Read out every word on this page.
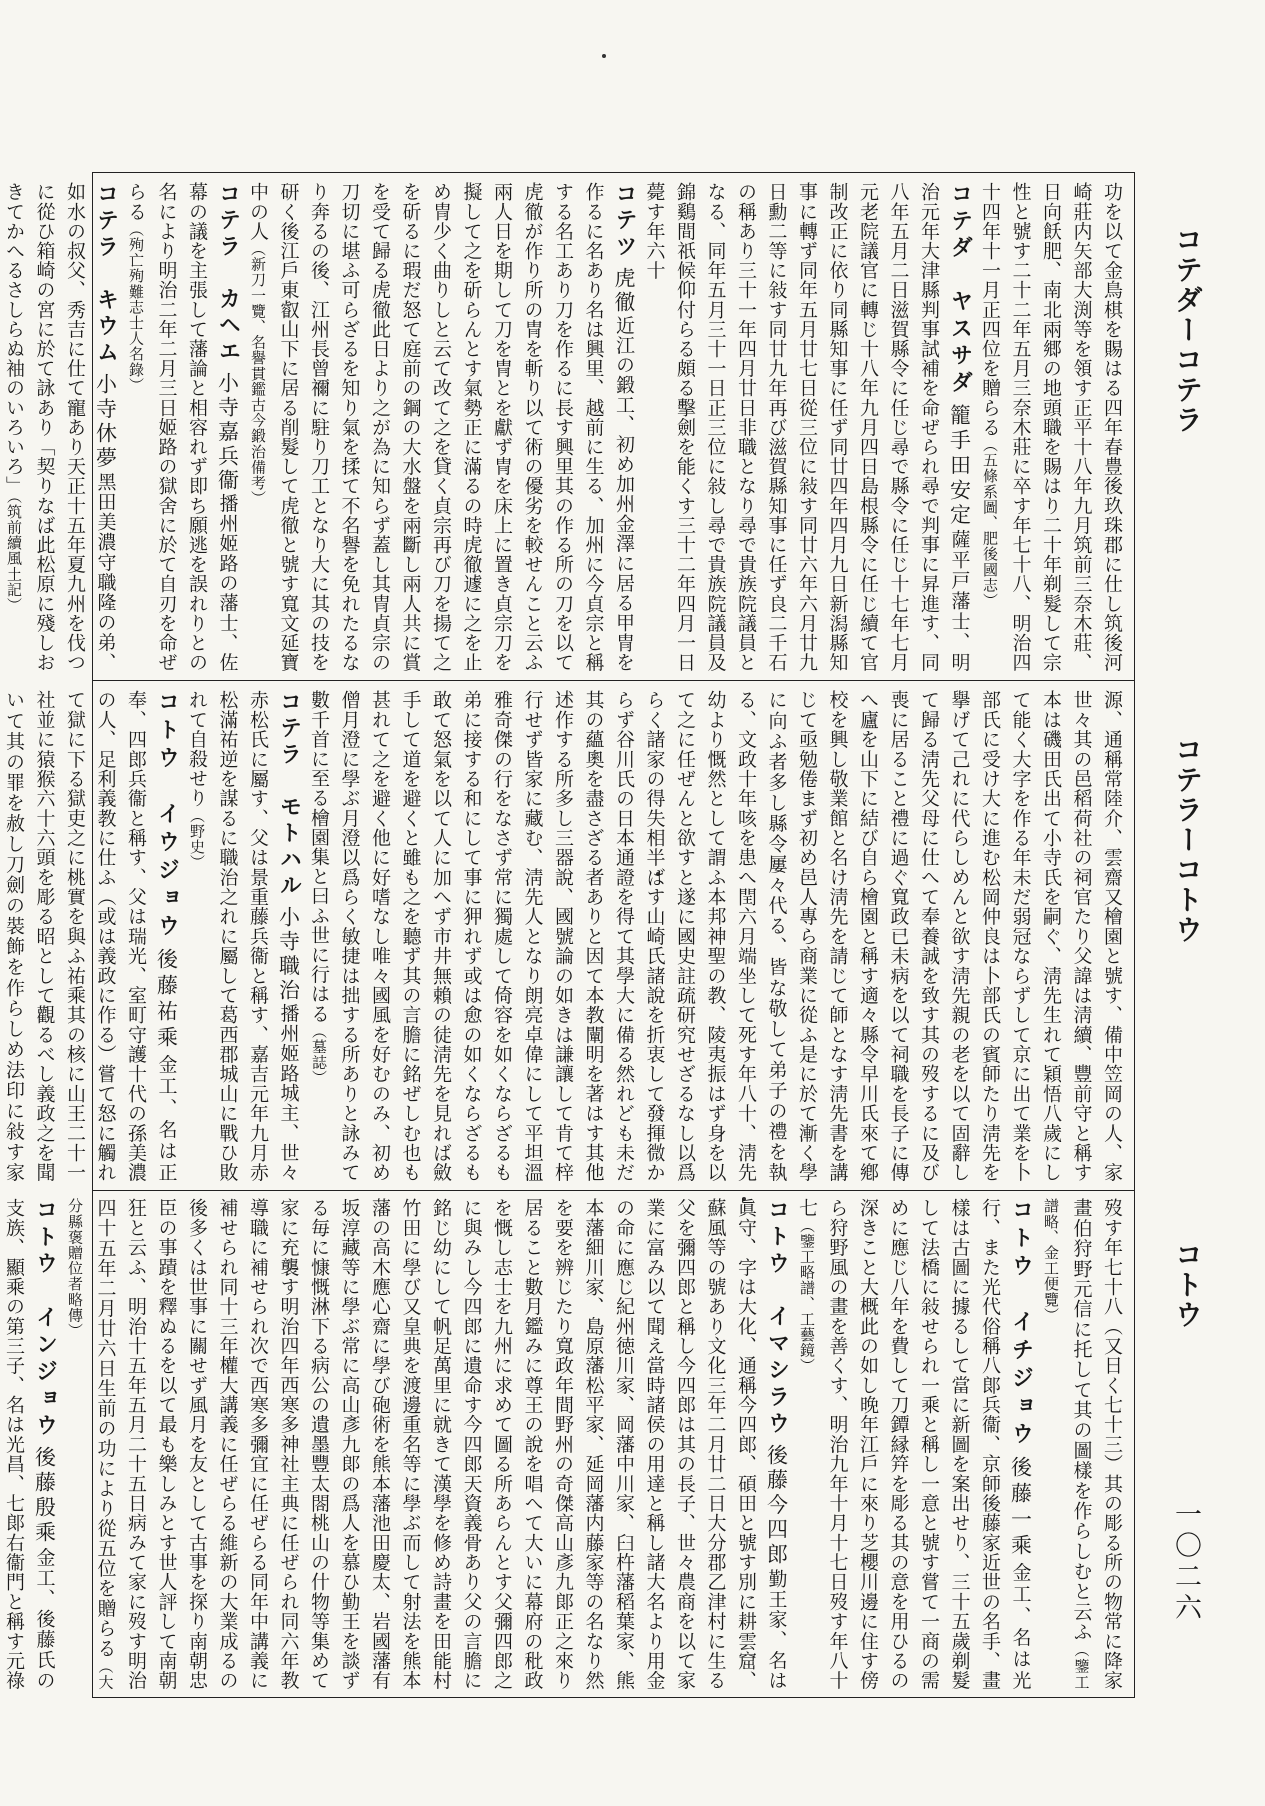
コテダーコテラ
コテラーコトウ
コトウ
一〇二六

功を以て金鳥棋を賜はる四年春豊後玖珠郡に仕し筑後河崎莊内矢部大渕等を領す正平十八年九月筑前三奈木莊、日向飫肥、南北兩郷の地頭職を賜はり二十年剃髮して宗性と號す二十二年五月三奈木莊に卒す年七十八、明治四十四年十一月正四位を贈らる（五條系圖、肥後國志）

コテダ　ヤスサダ籠手田安定薩平戸藩士、明治元年大津縣判事試補を命ぜられ尋で判事に昇進す、同八年五月二日滋賀縣令に任じ尋で縣令に任じ十七年七月元老院議官に轉じ十八年九月四日島根縣令に任じ續て官制改正に依り同縣知事に任ず同廿四年四月九日新潟縣知事に轉ず同年五月廿七日從三位に敍す同廿六年六月廿九日勳二等に敍す同廿九年再び滋賀縣知事に任ず良二千石の稱あり三十一年四月廿日非職となり尋で貴族院議員となる、同年五月三十一日正三位に敍し尋で貴族院議員及錦鷄間祇候仰付らる頗る擊劍を能くす三十二年四月一日薨す年六十

コテツ虎徹近江の鍛工、初め加州金澤に居る甲冑を作るに名あり名は興里、越前に生る、加州に今貞宗と稱する名工あり刀を作るに長す興里其の作る所の刀を以て虎徹が作り所の冑を斬り以て術の優劣を較せんこと云ふ兩人日を期して刀を冑とを獻ず冑を床上に置き貞宗刀を擬して之を斫らんとす氣勢正に滿るの時虎徹遽に之を止め冑少く曲りしと云て改て之を貸く貞宗再び刀を揚て之を斫るに瑕だ怒て庭前の鋼の大水盤を兩斷し兩人共に賞を受て歸る虎徹此日より之が為に知らず蓋し其冑貞宗の刀切に堪ふ可らざるを知り氣を揉て不名譽を免れたるなり奔るの後、江州長曾禰に駐り刀工となり大に其の技を研く後江戶東叡山下に居る削髮して虎徹と號す寬文延寶中の人（新刀一覽、名譽貫鑑古今鍛治備考）

コテラ　カヘエ小寺嘉兵衞播州姬路の藩士、佐幕の議を主張して藩論と相容れず即ち願逃を誤れりとの名により明治二年二月三日姬路の獄舍に於て自刃を命ぜらる（殉亡殉難志士人名錄）

コテラ　キウム小寺休夢黑田美濃守職隆の弟、如水の叔父、秀吉に仕て寵あり天正十五年夏九州を伐つに從ひ箱崎の宮に於て詠あり「契りなば此松原に殘しおきてかへるさしらぬ袖のいろいろ」（筑前續風土記）

源、通稱常陸介、雲齋又檜園と號す、備中笠岡の人、家世々其の邑稻荷社の祠官たり父諱は淸續、豐前守と稱す本は磯田氏出て小寺氏を嗣ぐ、淸先生れて穎悟八歲にして能く大字を作る年未だ弱冠ならずして京に出て業を卜部氏に受け大に進む松岡仲良は卜部氏の賓師たり淸先を擧げて己れに代らしめんと欲す淸先親の老を以て固辭して歸る淸先父母に仕へて奉養誠を致す其の歿するに及び喪に居ること禮に過ぐ寬政已未病を以て祠職を長子に傳へ廬を山下に結び自ら檜園と稱す適々縣令早川氏來て鄕校を興し敬業館と名け淸先を請じて師となす淸先書を講じて亟勉倦まず初め邑人專ら商業に從ふ是に於て漸く學に向ふ者多し縣令屢々代る、皆な敬して弟子の禮を執る、文政十年咳を患へ閏六月端坐して死す年八十、淸先幼より慨然として謂ふ本邦神聖の教、陵夷振はず身を以て之に任ぜんと欲すと遂に國史註疏研究せざるなし以爲らく諸家の得失相半ばす山崎氏諸說を折衷して發揮微からず谷川氏の日本通證を得て其學大に備る然れども未だ其の蘊奧を盡さざる者ありと因て本教闡明を著はす其他述作する所多し三器說、國號論の如きは謙讓して肯て梓行せず皆家に藏む、淸先人となり朗亮卓偉にして平坦溫雅奇傑の行をなさず常に獨處して倚容を如くならざるも弟に接する和にして事に狎れず或は愈の如くならざるも敢て怒氣を以て人に加へず市井無賴の徒淸先を見れば斂手して道を避くと雖も之を聽ず其の言膽に銘ぜしむ也も甚れて之を避く他に好嗜なし唯々國風を好むのみ、初め僧月澄に學ぶ月澄以爲らく敏捷は拙する所ありと詠みて數千首に至る檜園集と曰ふ世に行はる（墓誌）

コテラ　モトハル小寺職治播州姬路城主、世々赤松氏に屬す、父は景重藤兵衞と稱す、嘉吉元年九月赤松滿祐逆を謀るに職治之れに屬して葛西郡城山に戰ひ敗れて自殺せり（野史）

コトウ　イウジョウ後藤祐乘金工、名は正奉、四郎兵衞と稱す、父は瑞光、室町守護十代の孫美濃の人、足利義教に仕ふ（或は義政に作る）嘗て怒に觸れて獄に下る獄吏之に桃實を與ふ祐乘其の核に山王二十一社並に猿猴六十六頭を彫る昭として觀るべし義政之を聞いて其の罪を赦し刀劍の裝飾を作らしめ法印に敍す家

歿す年七十八（又日く七十三）其の彫る所の物常に降家畫伯狩野元信に托して其の圖樣を作らしむと云ふ（鑒工譜略、金工便覽）

コトウ　イチジョウ後藤一乘金工、名は光行、また光代俗稱八郞兵衞、京師後藤家近世の名手、畫樣は古圖に據るして當に新圖を案出せり、三十五歲剃髮して法橋に敍せられ一乘と稱し一意と號す嘗て一商の需めに應じ八年を費して刀鐔縁筓を彫る其の意を用ひるの深きこと大概此の如し晚年江戶に來り芝櫻川邊に住す傍ら狩野風の畫を善くす、明治九年十月十七日歿す年八十七（鑒工略譜、工藝鏡）

コトウ　イマシラウ後藤今四郎勤王家、名は眞守、字は大化、通稱今四郎、碩田と號す別に耕雲窟、蘇風等の號あり文化三年二月廿二日大分郡乙津村に生る父を彌四郎と稱し今四郎は其の長子、世々農商を以て家業に富み以て聞え當時諸侯の用達と稱し諸大名より用金の命に應じ紀州徳川家、岡藩中川家、臼杵藩稻葉家、熊本藩細川家、島原藩松平家、延岡藩内藤家等の名なり然を要を辨じたり寬政年間野州の奇傑高山彥九郞正之來り居ること數月鑑みに尊王の說を唱へて大いに幕府の秕政を慨し志士を九州に求めて圖る所あらんとす父彌四郎之に與みし今四郎に遺命す今四郎天資義骨あり父の言膽に銘じ幼にして帆足萬里に就きて漢學を修め詩畫を田能村竹田に學び又皇典を渡邊重名等に學ぶ而して射法を熊本藩の高木應心齋に學び砲術を熊本藩池田慶太、岩國藩有坂淳藏等に學ぶ常に高山彥九郞の爲人を慕ひ勤王を談ずる毎に慷慨淋下る病公の遺墨豐太閤桃山の什物等集めて家に充襲す明治四年西寒多神社主典に任ぜられ同六年教導職に補せられ次で西寒多彌宜に任ぜらる同年中講義に補せられ同十三年權大講義に任ぜらる維新の大業成るの後多くは世事に關せず風月を友として古事を探り南朝忠臣の事蹟を釋ぬるを以て最も樂しみとす世人評して南朝狂と云ふ、明治十五年五月二十五日病みて家に歿す明治四十五年二月廿六日生前の功により從五位を贈らる（大分縣褒贈位者略傳）

コトウ　インジョウ後藤殷乘金工、後藤氏の支族、顯乘の第三子、名は光昌、七郞右衞門と稱す元祿
